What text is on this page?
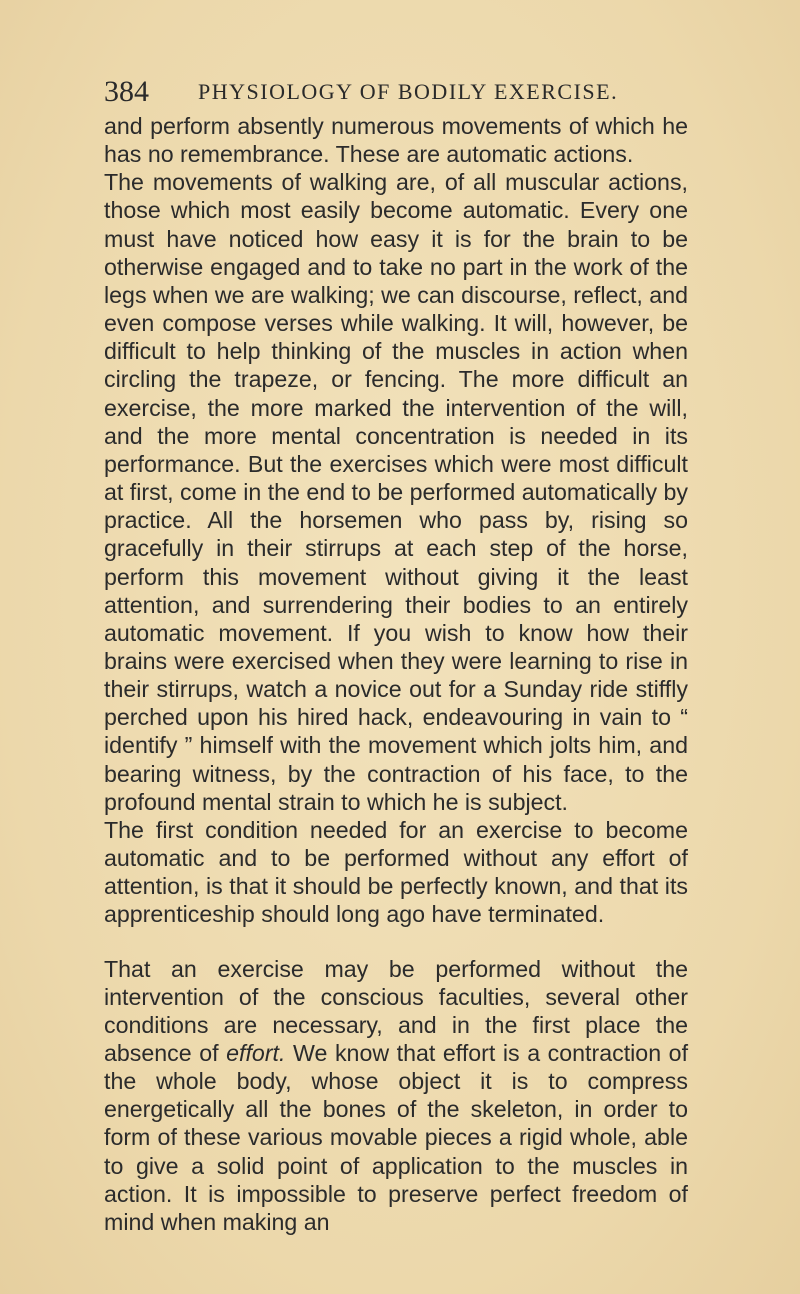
384 PHYSIOLOGY OF BODILY EXERCISE.

and perform absently numerous movements of which he has no remembrance. These are automatic actions.

The movements of walking are, of all muscular actions, those which most easily become automatic. Every one must have noticed how easy it is for the brain to be otherwise engaged and to take no part in the work of the legs when we are walking; we can discourse, reflect, and even compose verses while walking. It will, however, be difficult to help thinking of the muscles in action when circling the trapeze, or fencing. The more difficult an exercise, the more marked the intervention of the will, and the more mental concentration is needed in its performance. But the exercises which were most difficult at first, come in the end to be performed automatically by practice. All the horsemen who pass by, rising so gracefully in their stirrups at each step of the horse, perform this movement without giving it the least attention, and surrendering their bodies to an entirely automatic movement. If you wish to know how their brains were exercised when they were learning to rise in their stirrups, watch a novice out for a Sunday ride stiffly perched upon his hired hack, endeavouring in vain to “ identify ” himself with the movement which jolts him, and bearing witness, by the contraction of his face, to the profound mental strain to which he is subject.

The first condition needed for an exercise to become automatic and to be performed without any effort of attention, is that it should be perfectly known, and that its apprenticeship should long ago have terminated.

That an exercise may be performed without the intervention of the conscious faculties, several other conditions are necessary, and in the first place the absence of effort. We know that effort is a contraction of the whole body, whose object it is to compress energetically all the bones of the skeleton, in order to form of these various movable pieces a rigid whole, able to give a solid point of application to the muscles in action. It is impossible to preserve perfect freedom of mind when making an
